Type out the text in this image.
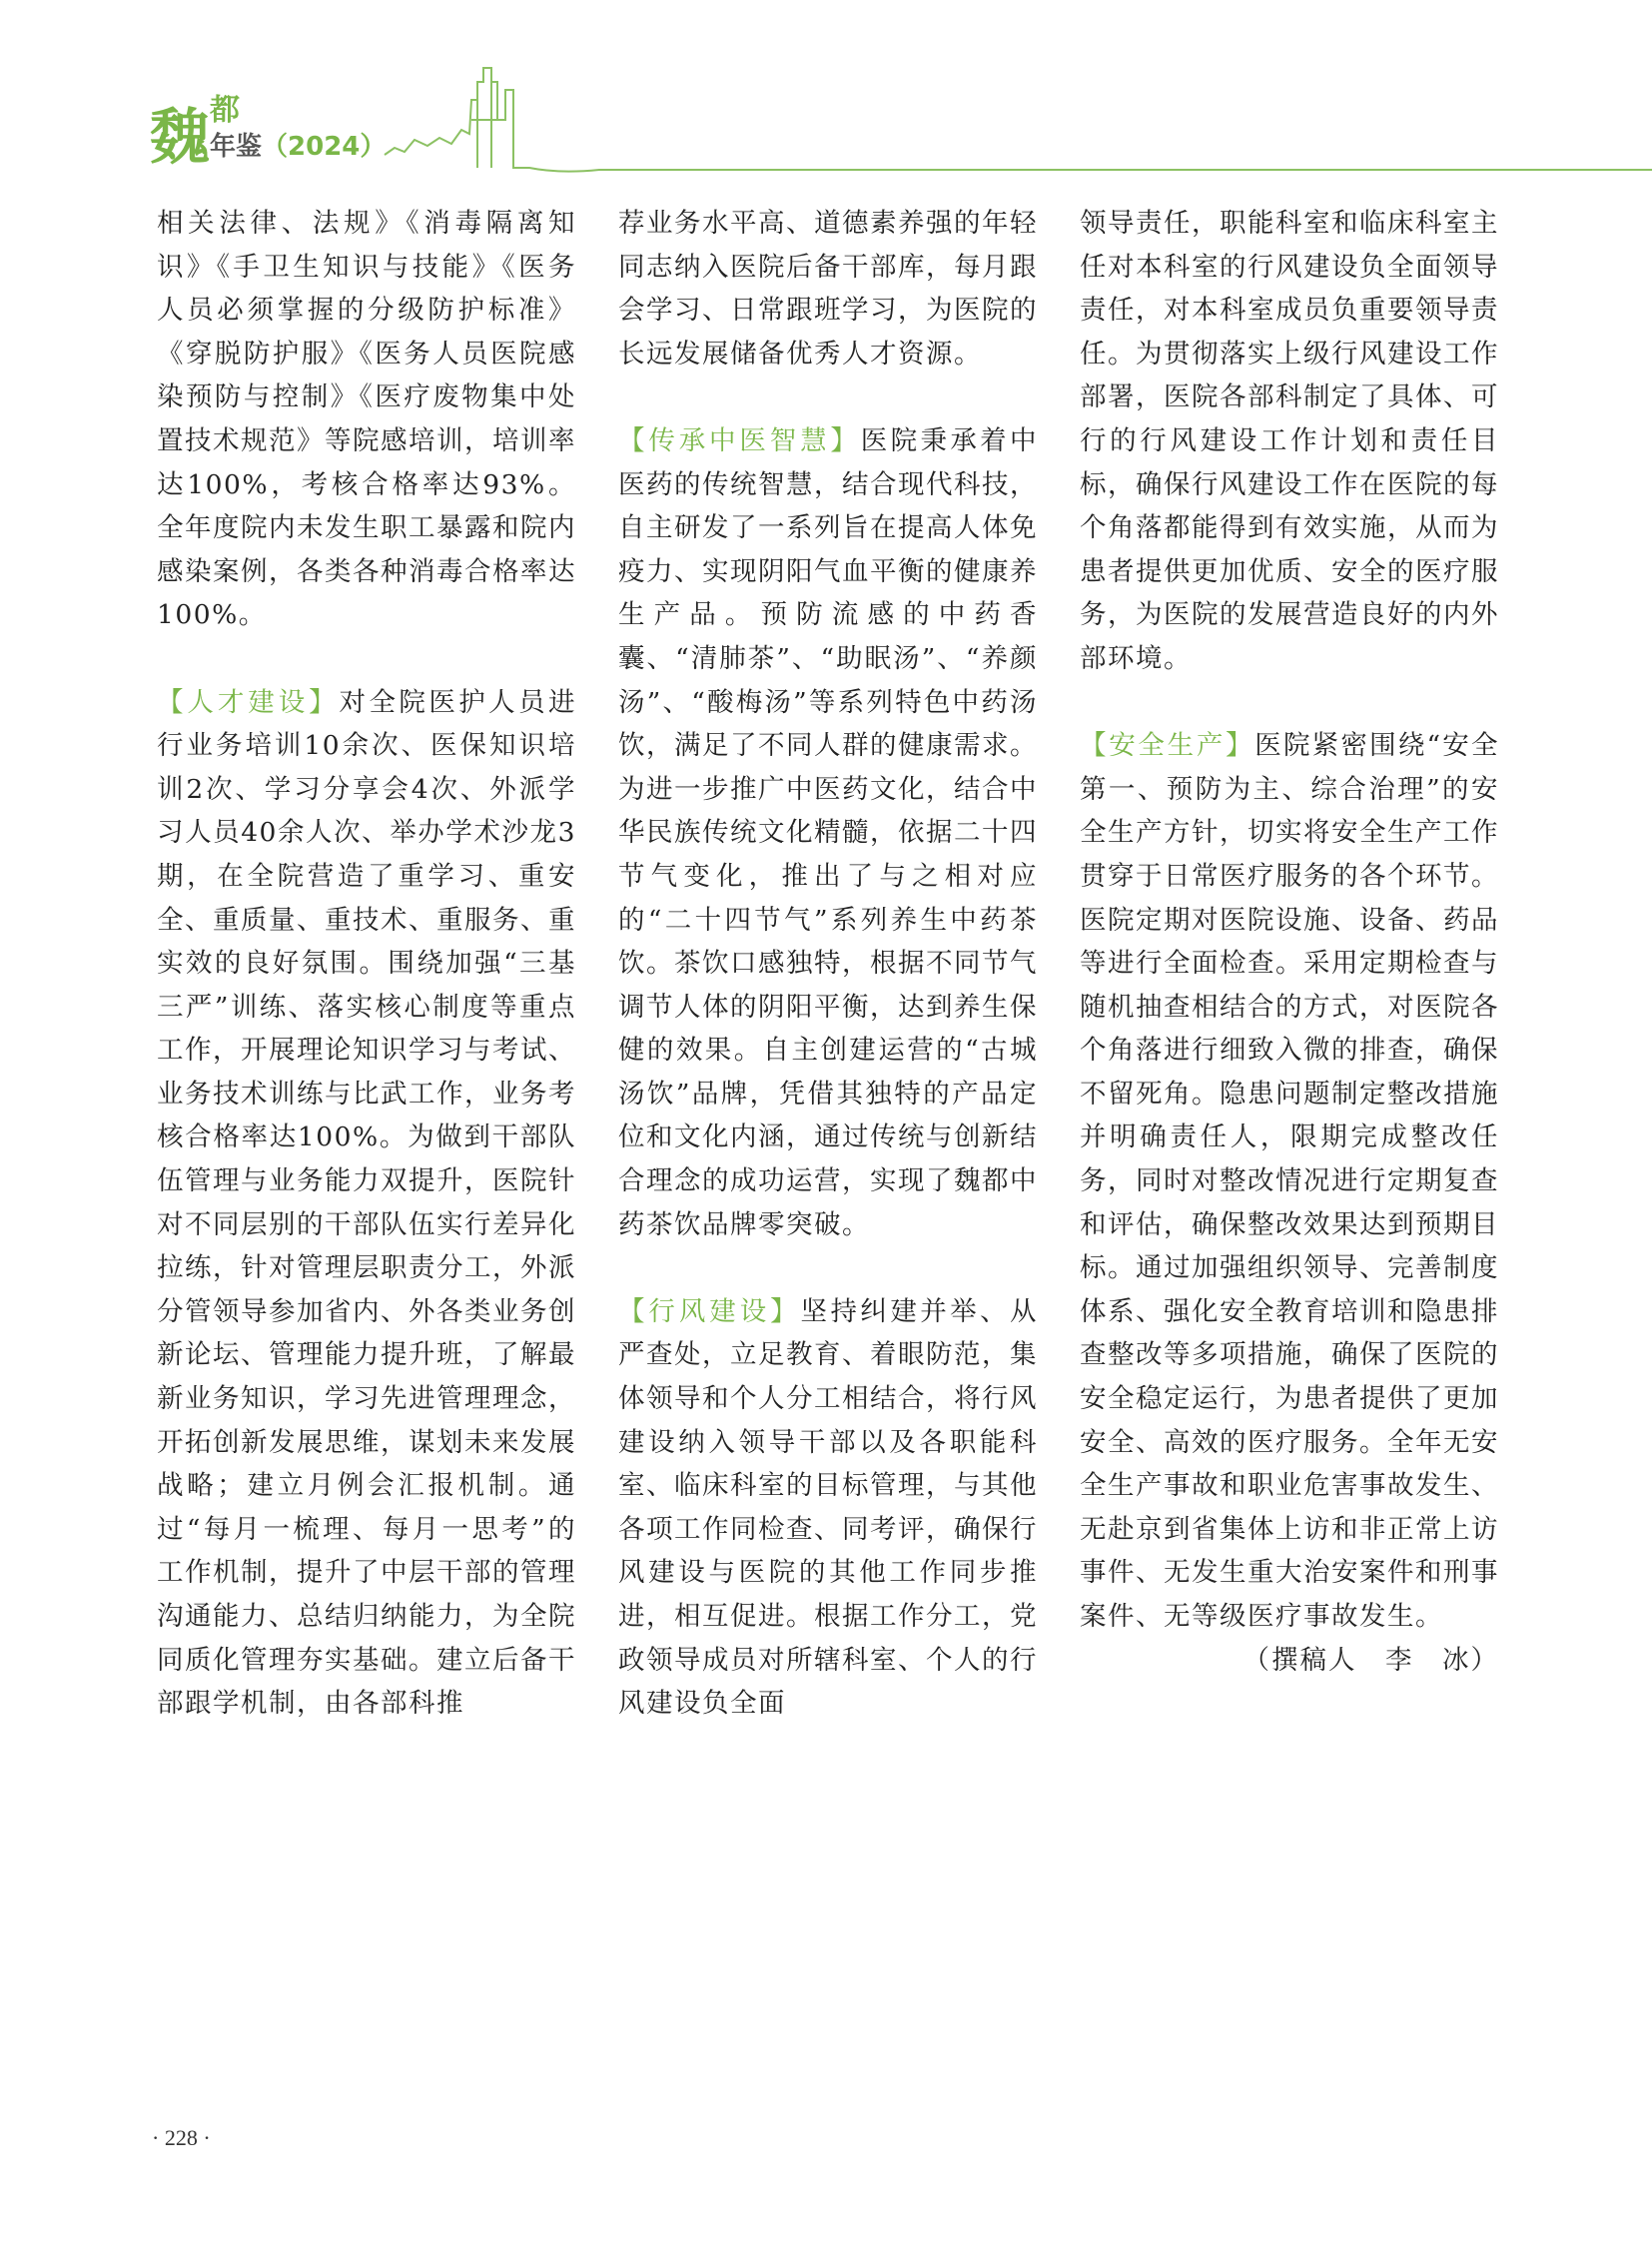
魏 都
年鉴（2024）

相关法律、法规》《消毒隔离知识》《手卫生知识与技能》《医务人员必须掌握的分级防护标准》《穿脱防护服》《医务人员医院感染预防与控制》《医疗废物集中处置技术规范》等院感培训，培训率达100%，考核合格率达93%。全年度院内未发生职工暴露和院内感染案例，各类各种消毒合格率达100%。

【人才建设】对全院医护人员进行业务培训10余次、医保知识培训2次、学习分享会4次、外派学习人员40余人次、举办学术沙龙3期，在全院营造了重学习、重安全、重质量、重技术、重服务、重实效的良好氛围。围绕加强“三基三严”训练、落实核心制度等重点工作，开展理论知识学习与考试、业务技术训练与比武工作，业务考核合格率达100%。为做到干部队伍管理与业务能力双提升，医院针对不同层别的干部队伍实行差异化拉练，针对管理层职责分工，外派分管领导参加省内、外各类业务创新论坛、管理能力提升班，了解最新业务知识，学习先进管理理念，开拓创新发展思维，谋划未来发展战略；建立月例会汇报机制。通过“每月一梳理、每月一思考”的工作机制，提升了中层干部的管理沟通能力、总结归纳能力，为全院同质化管理夯实基础。建立后备干部跟学机制，由各部科推

荐业务水平高、道德素养强的年轻同志纳入医院后备干部库，每月跟会学习、日常跟班学习，为医院的长远发展储备优秀人才资源。

【传承中医智慧】医院秉承着中医药的传统智慧，结合现代科技，自主研发了一系列旨在提高人体免疫力、实现阴阳气血平衡的健康养生产品。预防流感的中药香囊、“清肺茶”、“助眠汤”、“养颜汤”、“酸梅汤”等系列特色中药汤饮，满足了不同人群的健康需求。为进一步推广中医药文化，结合中华民族传统文化精髓，依据二十四节气变化，推出了与之相对应的“二十四节气”系列养生中药茶饮。茶饮口感独特，根据不同节气调节人体的阴阳平衡，达到养生保健的效果。自主创建运营的“古城汤饮”品牌，凭借其独特的产品定位和文化内涵，通过传统与创新结合理念的成功运营，实现了魏都中药茶饮品牌零突破。

【行风建设】坚持纠建并举、从严查处，立足教育、着眼防范，集体领导和个人分工相结合，将行风建设纳入领导干部以及各职能科室、临床科室的目标管理，与其他各项工作同检查、同考评，确保行风建设与医院的其他工作同步推进，相互促进。根据工作分工，党政领导成员对所辖科室、个人的行风建设负全面

领导责任，职能科室和临床科室主任对本科室的行风建设负全面领导责任，对本科室成员负重要领导责任。为贯彻落实上级行风建设工作部署，医院各部科制定了具体、可行的行风建设工作计划和责任目标，确保行风建设工作在医院的每个角落都能得到有效实施，从而为患者提供更加优质、安全的医疗服务，为医院的发展营造良好的内外部环境。

【安全生产】医院紧密围绕“安全第一、预防为主、综合治理”的安全生产方针，切实将安全生产工作贯穿于日常医疗服务的各个环节。医院定期对医院设施、设备、药品等进行全面检查。采用定期检查与随机抽查相结合的方式，对医院各个角落进行细致入微的排查，确保不留死角。隐患问题制定整改措施并明确责任人，限期完成整改任务，同时对整改情况进行定期复查和评估，确保整改效果达到预期目标。通过加强组织领导、完善制度体系、强化安全教育培训和隐患排查整改等多项措施，确保了医院的安全稳定运行，为患者提供了更加安全、高效的医疗服务。全年无安全生产事故和职业危害事故发生、无赴京到省集体上访和非正常上访事件、无发生重大治安案件和刑事案件、无等级医疗事故发生。

（撰稿人　李　冰）

· 228 ·
